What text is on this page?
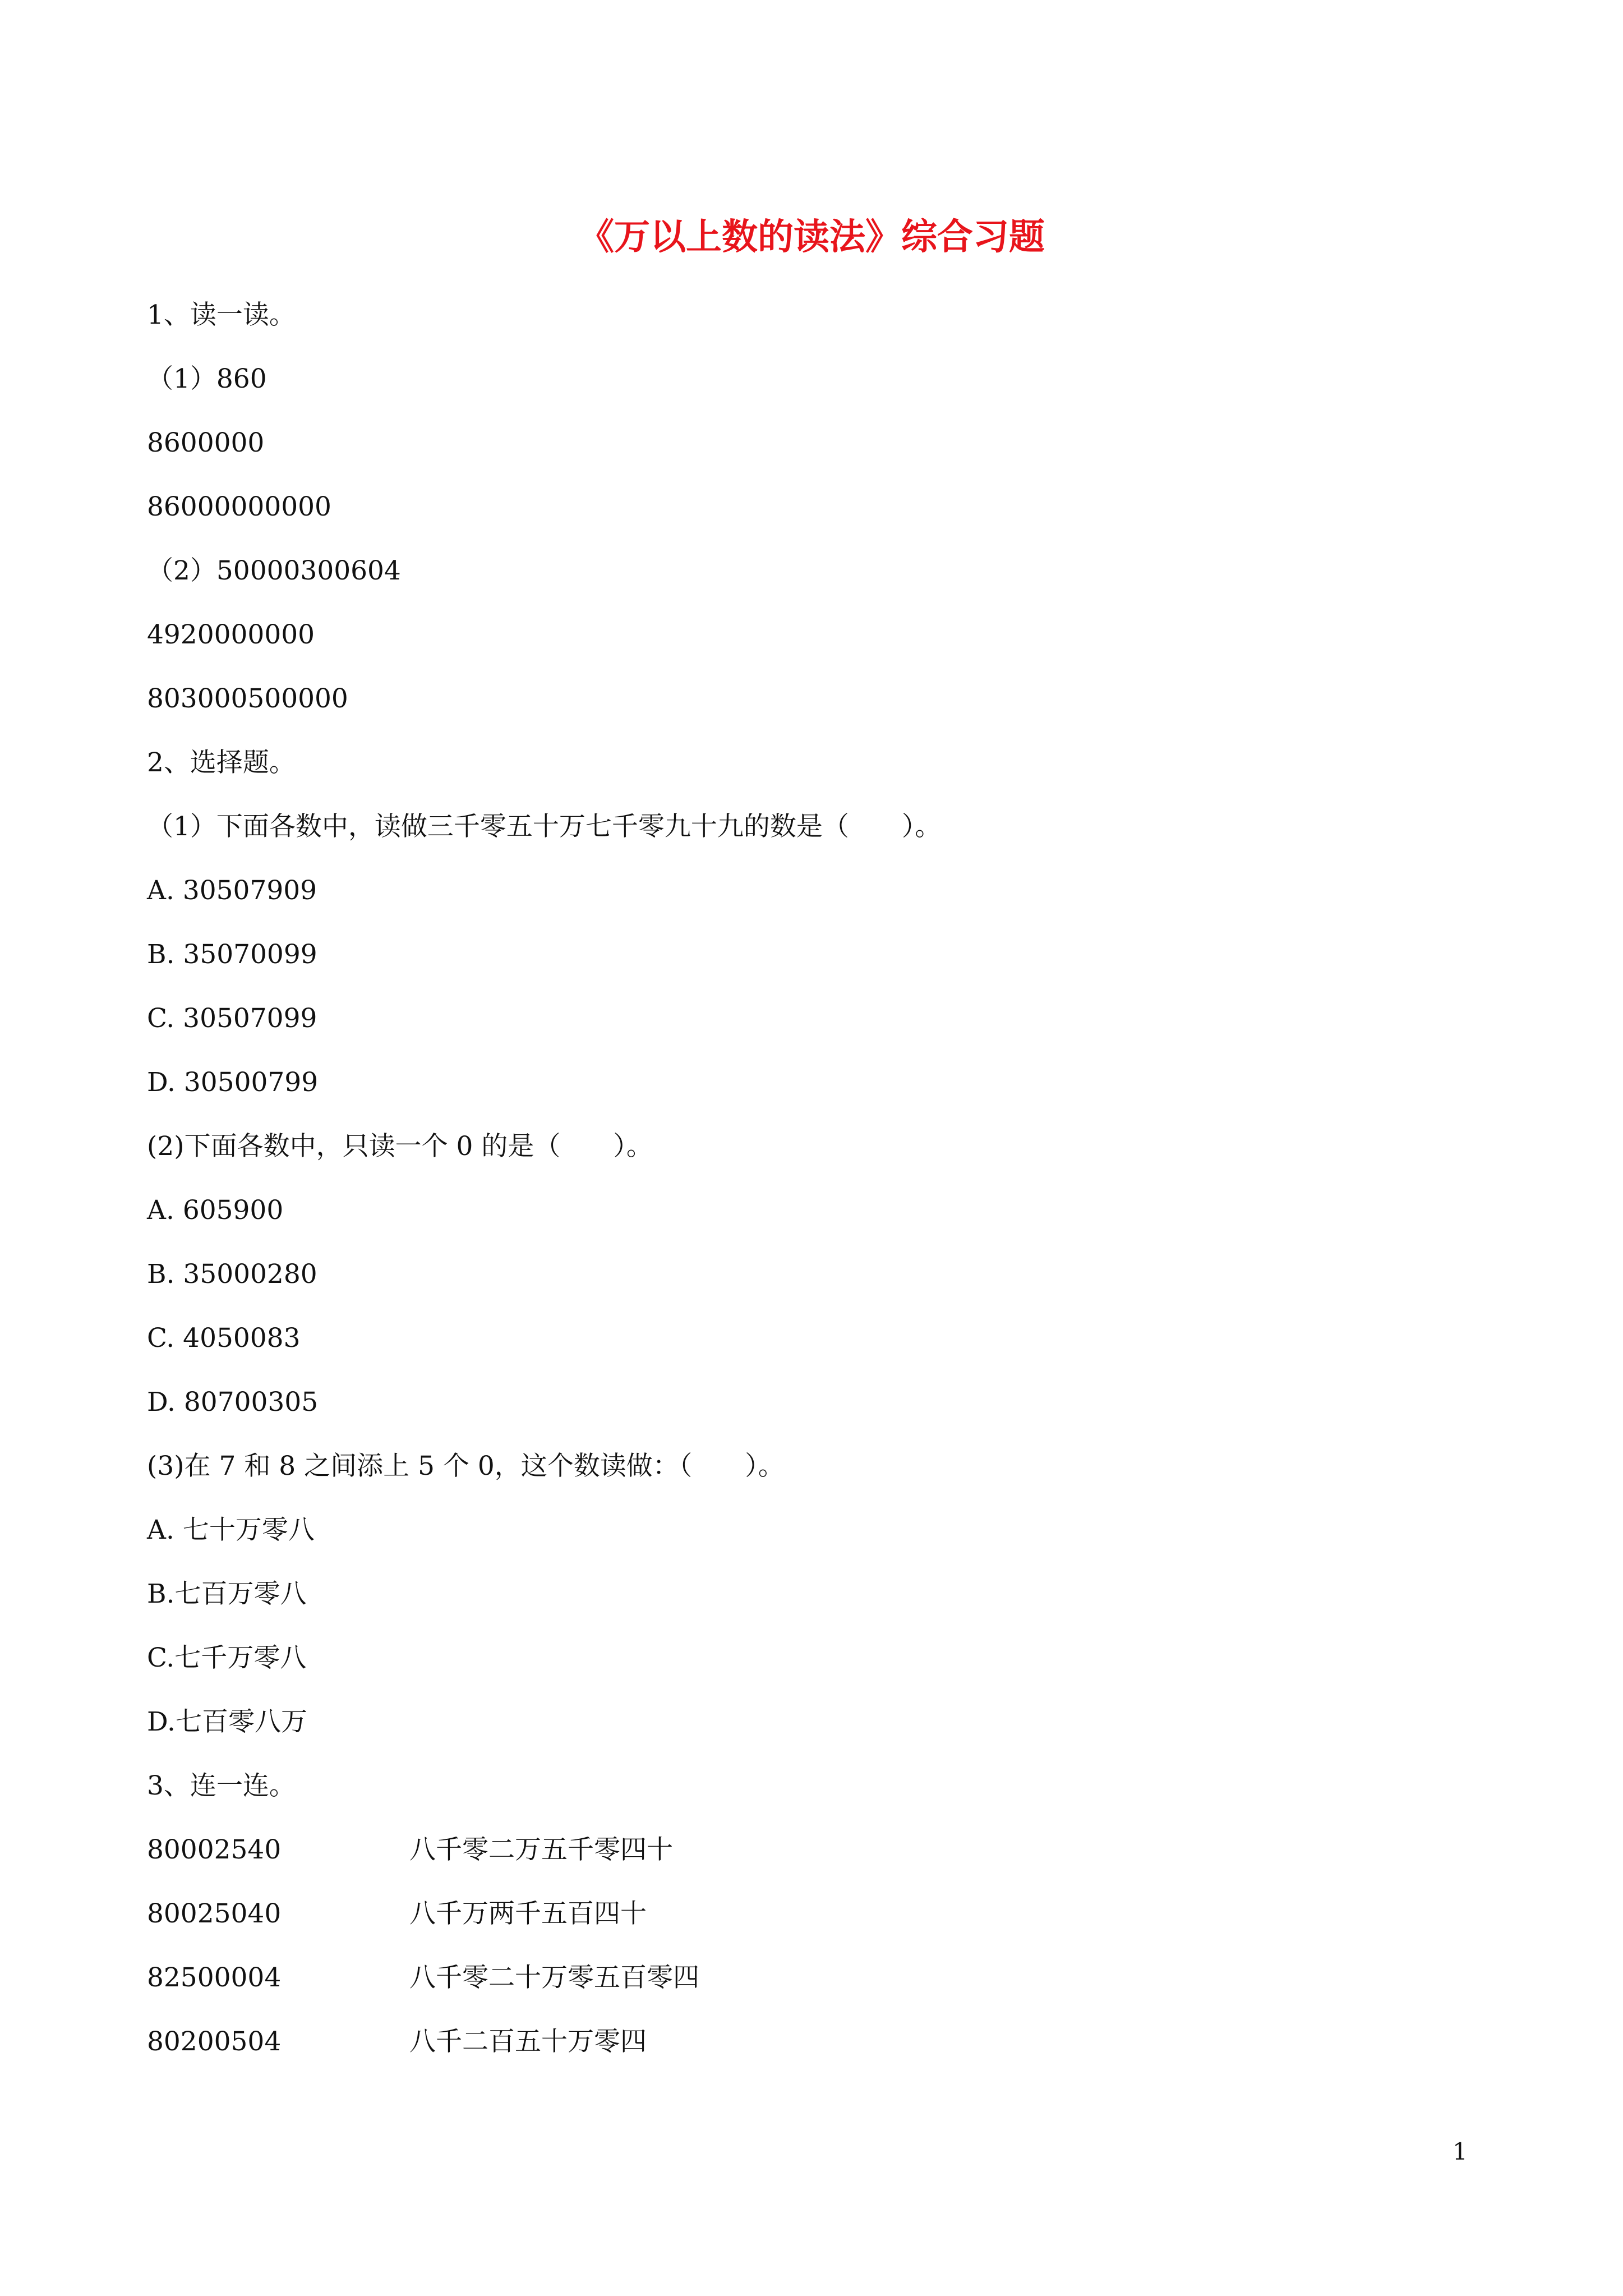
《万以上数的读法》综合习题
1、读一读。
（1）860
8600000
86000000000
（2）50000300604
4920000000
803000500000
2、选择题。
（1）下面各数中，读做三千零五十万七千零九十九的数是（　　）。
A. 30507909
B. 35070099
C. 30507099
D. 30500799
(2)下面各数中，只读一个 0 的是（　　）。
A. 605900
B. 35000280
C. 4050083
D. 80700305
(3)在 7 和 8 之间添上 5 个 0，这个数读做：（　　）。
A. 七十万零八
B.七百万零八
C.七千万零八
D.七百零八万
3、连一连。
80002540	八千零二万五千零四十
80025040	八千万两千五百四十
82500004	八千零二十万零五百零四
80200504	八千二百五十万零四
1
